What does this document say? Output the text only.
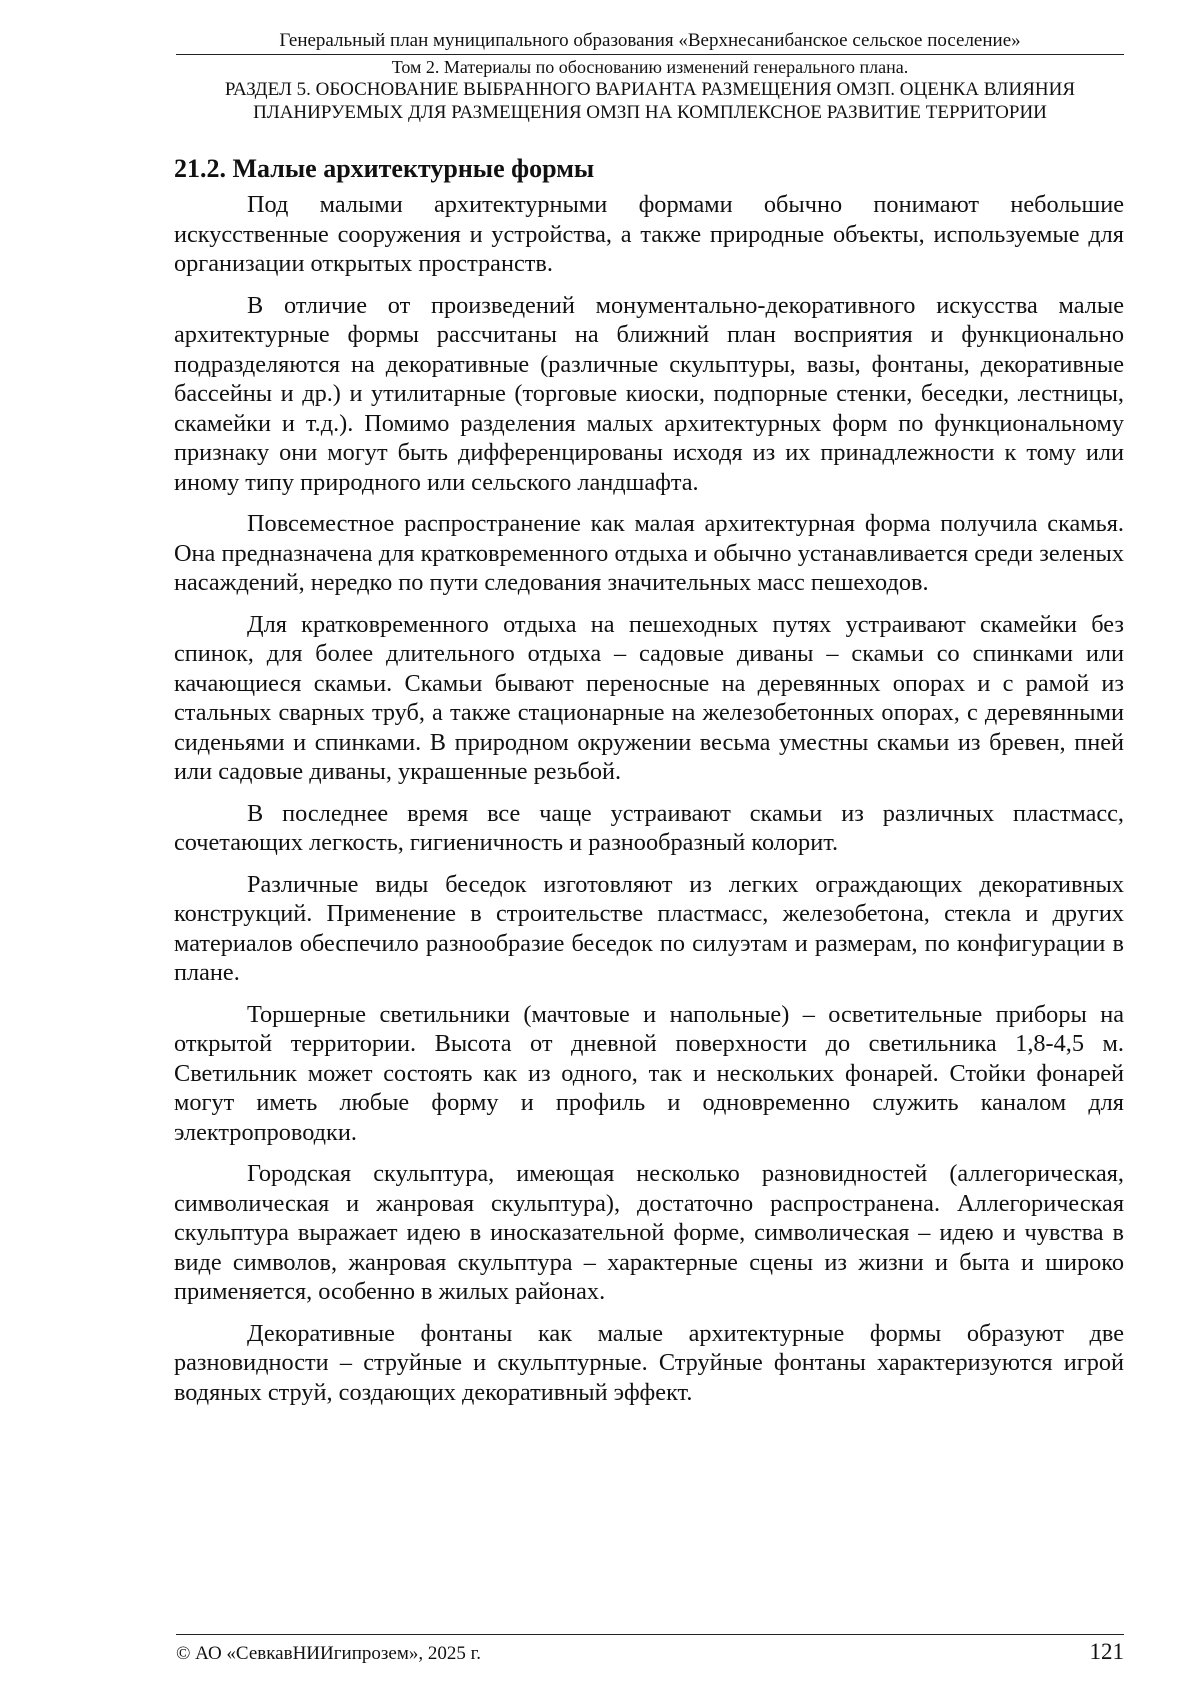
Генеральный план муниципального образования «Верхнесанибанское сельское поселение»
Том 2. Материалы по обоснованию изменений генерального плана.
РАЗДЕЛ 5. ОБОСНОВАНИЕ ВЫБРАННОГО ВАРИАНТА РАЗМЕЩЕНИЯ ОМЗП. ОЦЕНКА ВЛИЯНИЯ
ПЛАНИРУЕМЫХ ДЛЯ РАЗМЕЩЕНИЯ ОМЗП НА КОМПЛЕКСНОЕ РАЗВИТИЕ ТЕРРИТОРИИ
21.2. Малые архитектурные формы

Под малыми архитектурными формами обычно понимают небольшие искусственные сооружения и устройства, а также природные объекты, используемые для организации открытых пространств.

В отличие от произведений монументально-декоративного искусства малые архитектурные формы рассчитаны на ближний план восприятия и функционально подразделяются на декоративные (различные скульптуры, вазы, фонтаны, декоративные бассейны и др.) и утилитарные (торговые киоски, подпорные стенки, беседки, лестницы, скамейки и т.д.). Помимо разделения малых архитектурных форм по функциональному признаку они могут быть дифференцированы исходя из их принадлежности к тому или иному типу природного или сельского ландшафта.

Повсеместное распространение как малая архитектурная форма получила скамья. Она предназначена для кратковременного отдыха и обычно устанавливается среди зеленых насаждений, нередко по пути следования значительных масс пешеходов.

Для кратковременного отдыха на пешеходных путях устраивают скамейки без спинок, для более длительного отдыха – садовые диваны – скамьи со спинками или качающиеся скамьи. Скамьи бывают переносные на деревянных опорах и с рамой из стальных сварных труб, а также стационарные на железобетонных опорах, с деревянными сиденьями и спинками. В природном окружении весьма уместны скамьи из бревен, пней или садовые диваны, украшенные резьбой.

В последнее время все чаще устраивают скамьи из различных пластмасс, сочетающих легкость, гигиеничность и разнообразный колорит.

Различные виды беседок изготовляют из легких ограждающих декоративных конструкций. Применение в строительстве пластмасс, железобетона, стекла и других материалов обеспечило разнообразие беседок по силуэтам и размерам, по конфигурации в плане.

Торшерные светильники (мачтовые и напольные) – осветительные приборы на открытой территории. Высота от дневной поверхности до светильника 1,8-4,5 м. Светильник может состоять как из одного, так и нескольких фонарей. Стойки фонарей могут иметь любые форму и профиль и одновременно служить каналом для электропроводки.

Городская скульптура, имеющая несколько разновидностей (аллегорическая, символическая и жанровая скульптура), достаточно распространена. Аллегорическая скульптура выражает идею в иносказательной форме, символическая – идею и чувства в виде символов, жанровая скульптура – характерные сцены из жизни и быта и широко применяется, особенно в жилых районах.

Декоративные фонтаны как малые архитектурные формы образуют две разновидности – струйные и скульптурные. Струйные фонтаны характеризуются игрой водяных струй, создающих декоративный эффект.

© АО «СевкавНИИгипрозем», 2025 г.	121
